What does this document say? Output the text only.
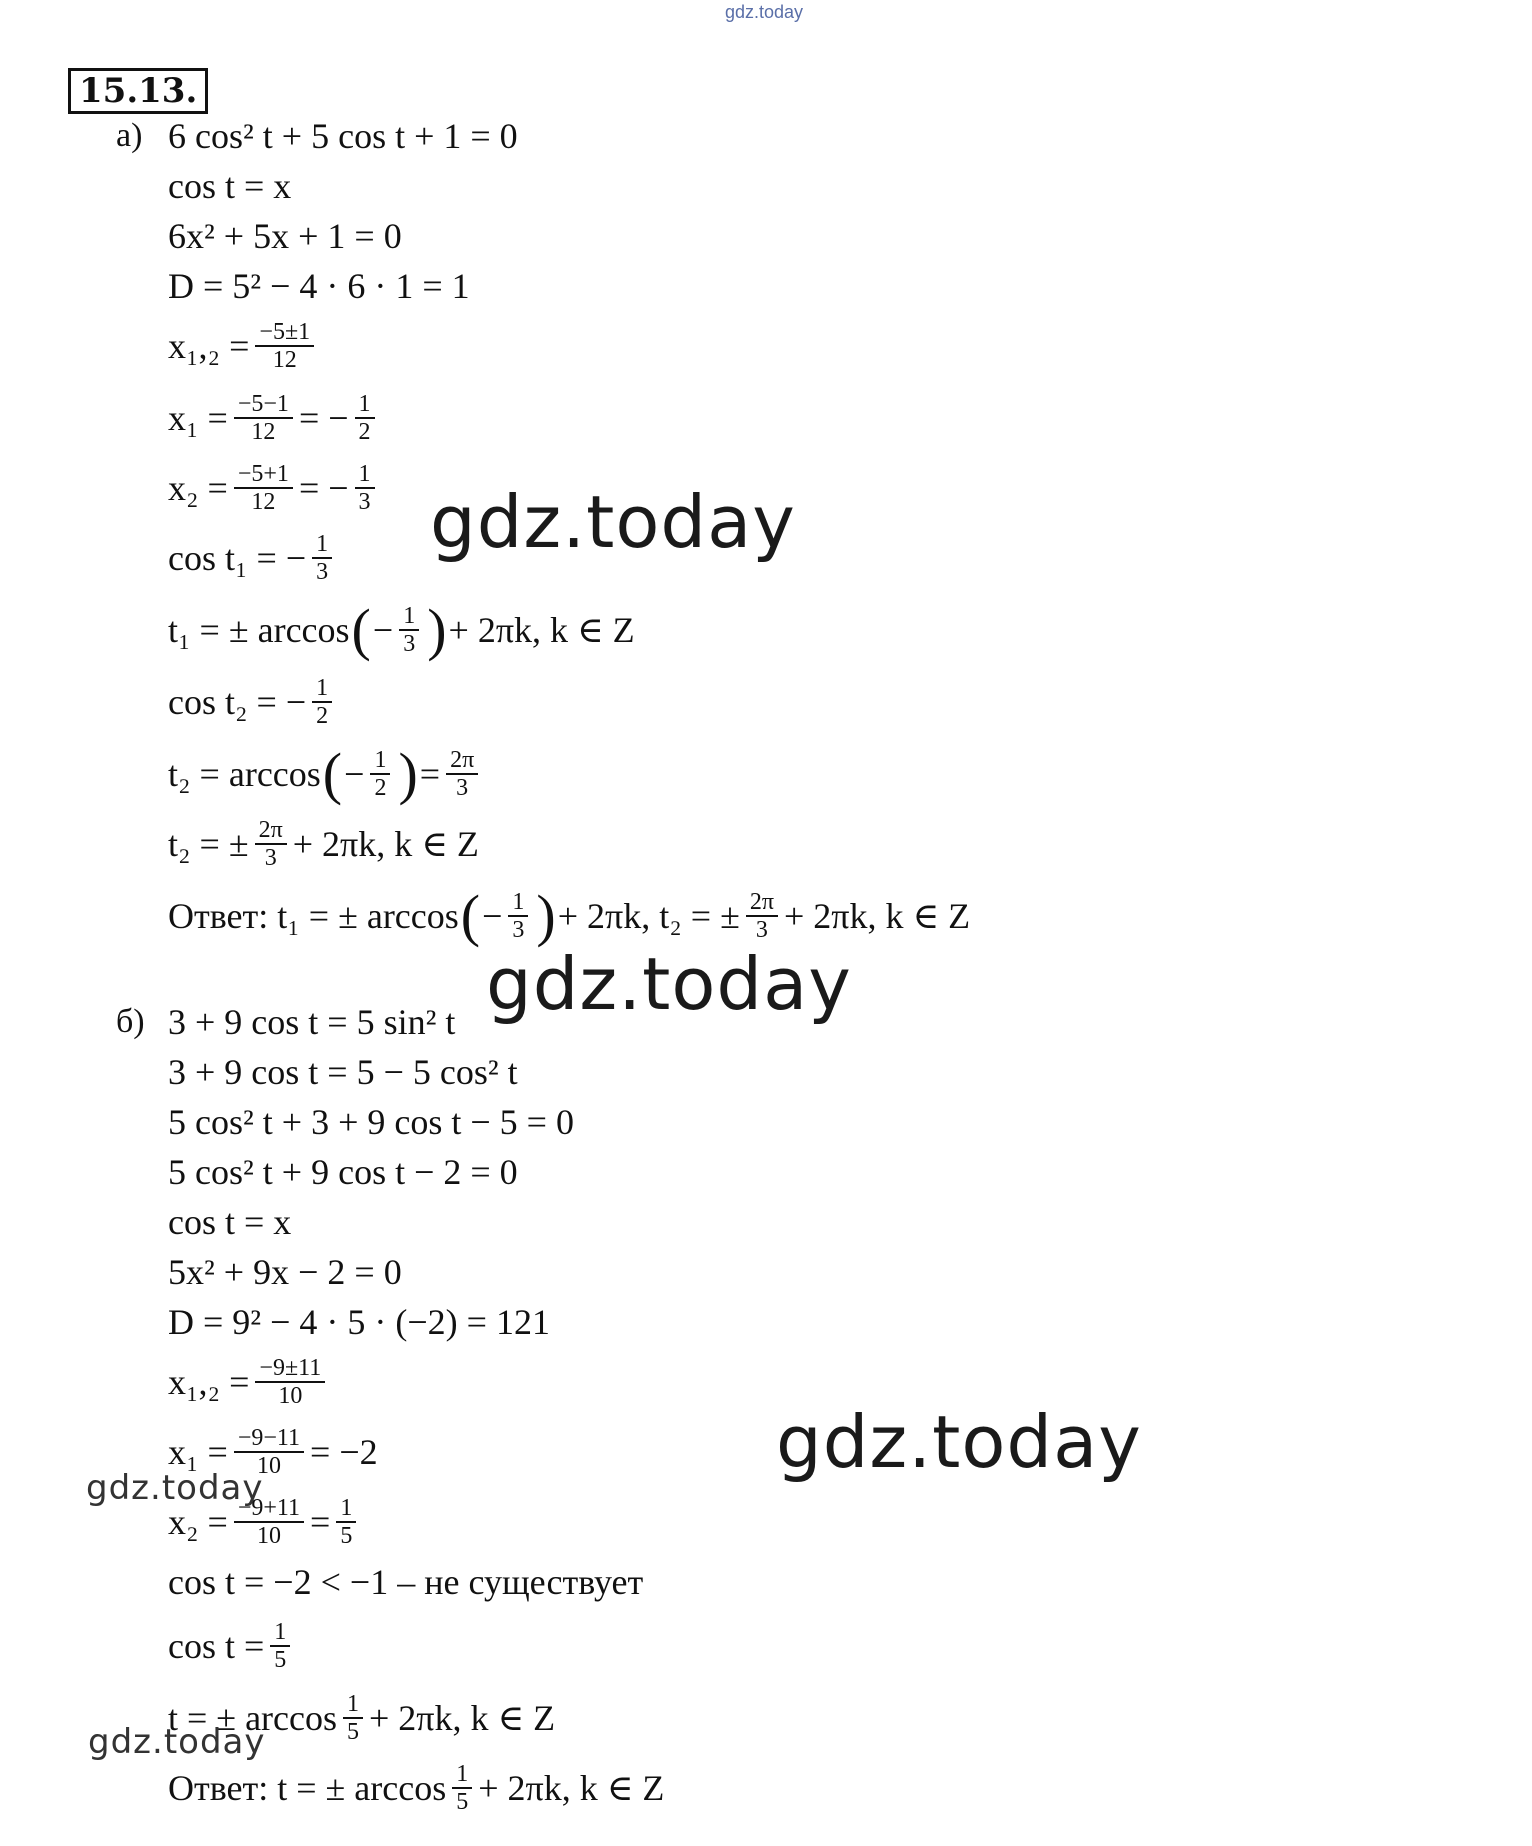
gdz.today
15.13.
а) 6 cos² t + 5 cos t + 1 = 0
cos t = x
6x² + 5x + 1 = 0
D = 5² − 4 · 6 · 1 = 1
$x_1,_2 = \frac{-5\pm 1}{12}$
$x_1 = \frac{-5-1}{12}$ = − $\frac{1}{2}$
$x_2 = \frac{-5+1}{12}$ = − $\frac{1}{3}$
cos t₁ = − $\frac{1}{3}$
t₁ = ± arccos ( − $\frac{1}{3}$ ) + 2πk, k ∈ Z
cos t₂ = − $\frac{1}{2}$
t₂ = arccos ( − $\frac{1}{2}$ ) = $\frac{2\pi}{3}$
t₂ = ± $\frac{2\pi}{3} + 2\pi k$, k ∈ Z
Ответ: t₁ = ± arccos ( − $\frac{1}{3}$ ) + 2πk, t₂ = ± $\frac{2\pi}{3} + 2\pi k$, k ∈ Z
б) 3 + 9 cos t = 5 sin² t
3 + 9 cos t = 5 − 5 cos² t
5 cos² t + 3 + 9 cos t − 5 = 0
5 cos² t + 9 cos t − 2 = 0
cos t = x
5x² + 9x − 2 = 0
D = 9² − 4 · 5 · (−2) = 121
$x_1,_2 = \frac{-9\pm 11}{10}$
$x_1 = \frac{-9-11}{10} = -2$
$x_2 = \frac{-9+11}{10} = \frac{1}{5}$
cos t = −2 < −1 – не существует
$\cos t = \frac{1}{5}$
t = ± $\arccos \frac{1}{5} + 2\pi k$, k ∈ Z
Ответ: t = ± $\arccos \frac{1}{5} + 2\pi k$, k ∈ Z
gdz.today
gdz.today
gdz.today
gdz.today
gdz.today
